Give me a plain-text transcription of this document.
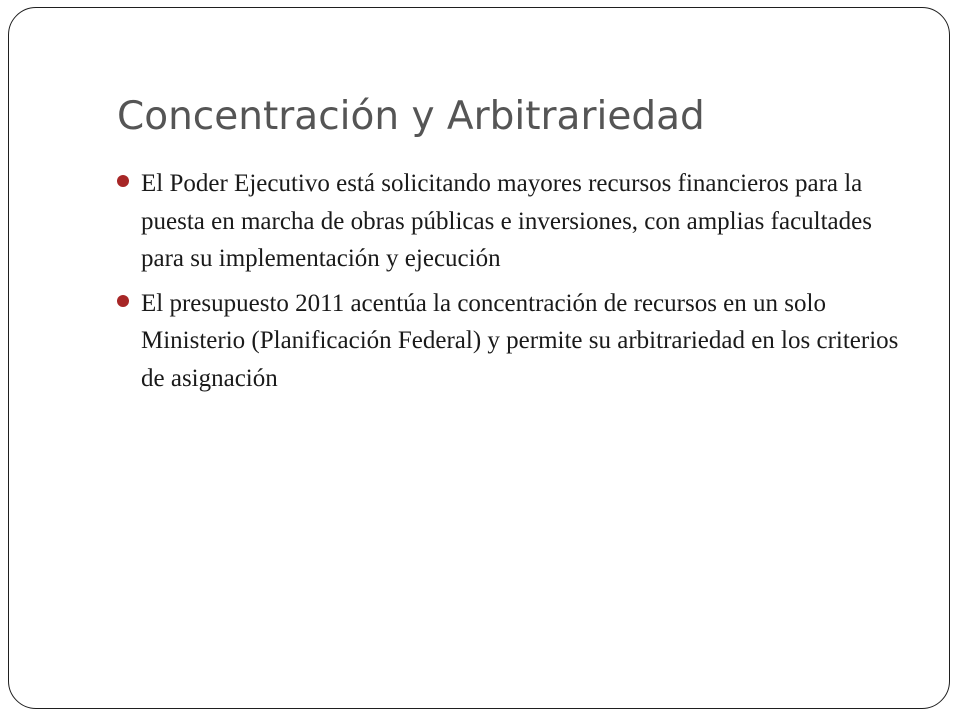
Concentración y Arbitrariedad
El Poder Ejecutivo está solicitando mayores recursos financieros para la puesta en marcha de obras públicas e inversiones, con amplias facultades para su implementación y ejecución
El presupuesto 2011 acentúa la concentración de recursos en un solo Ministerio (Planificación Federal) y permite su arbitrariedad en los criterios de asignación
